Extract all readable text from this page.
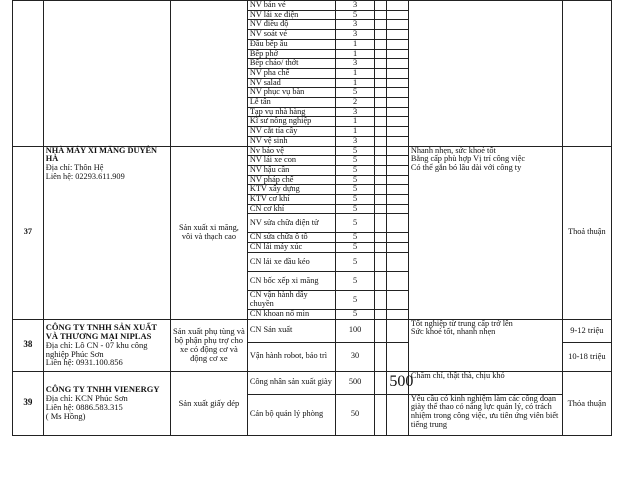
			NV bán vé	3				
			NV lái xe điện	5				
			NV điều độ	3				
			NV soát vé	3				
			Đầu bếp âu	1				
			Bếp phở	1				
			Bếp cháo/ thớt	3				
			NV pha chế	1				
			NV salad	1				
			NV phục vụ bàn	5				
			Lễ tân	2				
			Tạp vụ nhà hàng	3				
			Kĩ sư nông nghiệp	1				
			NV cắt tỉa cây	1				
			NV vệ sinh	3				
37	NHÀ MÁY XI MĂNG DUYÊN HÀ
Địa chỉ: Thôn Hệ
Liên hệ: 02293.611.909	Sản xuất xi măng, vôi và thạch cao	Nv bảo vệ	5			Nhanh nhẹn, sức khoẻ tốt
Bằng cấp phù hợp Vị trí công việc
Có thể gắn bó lâu dài với công ty	Thoả thuận
			NV lái xe con	5				
			NV hậu cần	5				
			NV pháp chế	5				
			KTV xây dựng	5				
			KTV cơ khí	5				
			CN cơ khí	5				
			NV sửa chữa điện tử	5				
			CN sửa chữa ô tô	5				
			CN lái máy xúc	5				
			CN lái xe đầu kéo	5				
			CN bốc xếp xi măng	5				
			CN vận hành dây chuyền	5				
			CN khoan nổ mìn	5				
38	CÔNG TY TNHH SẢN XUẤT VÀ THƯƠNG MẠI NIPLAS
Địa chỉ: Lô CN - 07 khu công nghiệp Phúc Sơn
Liên hệ: 0931.100.856	Sản xuất phụ tùng và bộ phận phụ trợ cho xe có động cơ và động cơ xe	CN Sản xuất	100			Tốt nghiệp từ trung cấp trở lên
Sức khoẻ tốt, nhanh nhẹn	9-12 triệu
			Vận hành robot, bảo trì	30				10-18 triệu
39	CÔNG TY TNHH VIENERGY
Địa chỉ: KCN Phúc Sơn
Liên hệ: 0886.583.315
( Ms Hồng)	Sản xuất giấy dép	Công nhân sản xuất giày	500		500	Chăm chỉ, thật thà, chịu khó	Thỏa thuận
			Cán bộ quản lý phòng	50			Yêu cầu có kinh nghiệm làm các công đoạn giày thể thao có năng lực quản lý, có trách nhiệm trong công việc, ưu tiên ứng viên biết tiếng trung	
